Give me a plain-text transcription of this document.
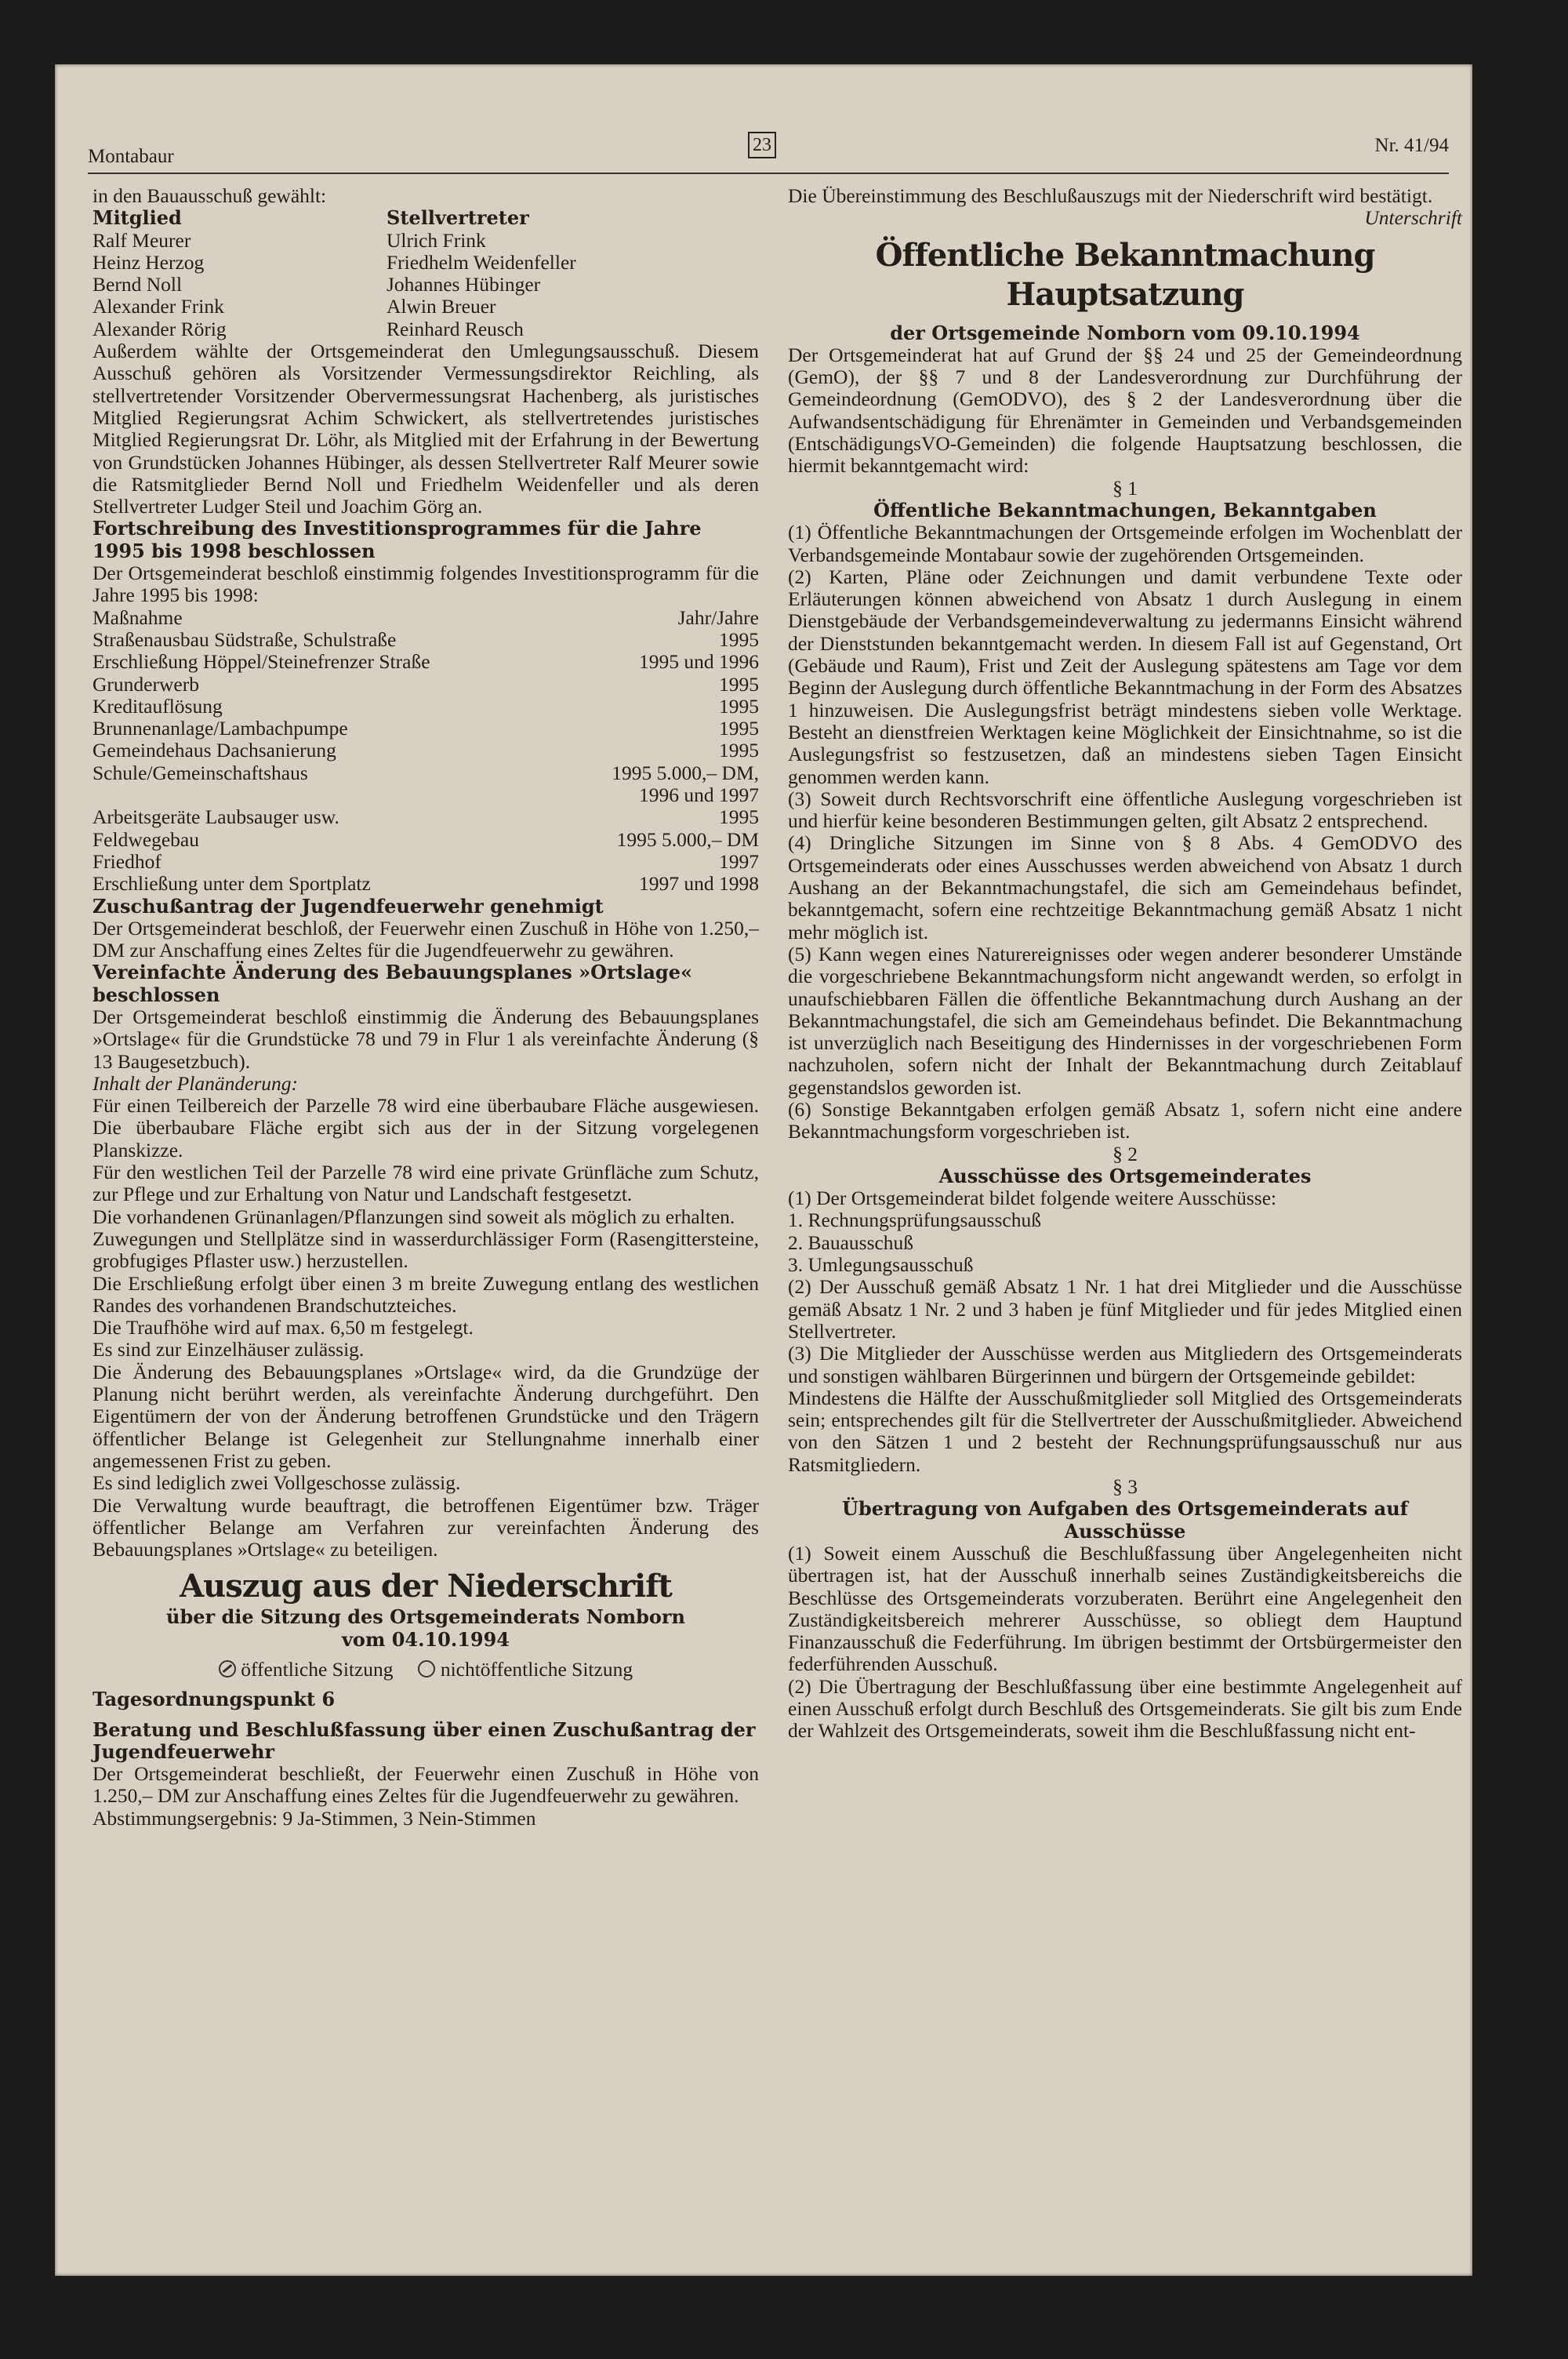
Montabaur
23	Nr. 41/94

in den Bauausschuß gewählt:

Mitglied	Stellvertreter
Ralf Meurer	Ulrich Frink
Heinz Herzog	Friedhelm Weidenfeller
Bernd Noll	Johannes Hübinger
Alexander Frink	Alwin Breuer
Alexander Rörig	Reinhard Reusch

Außerdem wählte der Ortsgemeinderat den Umlegungsausschuß. Diesem Ausschuß gehören als Vorsitzender Vermessungsdirektor Reichling, als stellvertretender Vorsitzender Obervermessungsrat Hachenberg, als juristisches Mitglied Regierungsrat Achim Schwickert, als stellvertretendes juristisches Mitglied Regierungsrat Dr. Löhr, als Mitglied mit der Erfahrung in der Bewertung von Grundstücken Johannes Hübinger, als dessen Stellvertreter Ralf Meurer sowie die Ratsmitglieder Bernd Noll und Friedhelm Weidenfeller und als deren Stellvertreter Ludger Steil und Joachim Görg an.

Fortschreibung des Investitionsprogrammes für die Jahre 1995 bis 1998 beschlossen

Der Ortsgemeinderat beschloß einstimmig folgendes Investitionsprogramm für die Jahre 1995 bis 1998:

Maßnahme	Jahr/Jahre
Straßenausbau Südstraße, Schulstraße	1995
Erschließung Höppel/Steinefrenzer Straße	1995 und 1996
Grunderwerb	1995
Kreditauflösung	1995
Brunnenanlage/Lambachpumpe	1995
Gemeindehaus Dachsanierung	1995
Schule/Gemeinschaftshaus	1995 5.000,– DM,
1996 und 1997
Arbeitsgeräte Laubsauger usw.	1995
Feldwegebau	1995 5.000,– DM
Friedhof	1997
Erschließung unter dem Sportplatz	1997 und 1998

Zuschußantrag der Jugendfeuerwehr genehmigt

Der Ortsgemeinderat beschloß, der Feuerwehr einen Zuschuß in Höhe von 1.250,– DM zur Anschaffung eines Zeltes für die Jugendfeuerwehr zu gewähren.

Vereinfachte Änderung des Bebauungsplanes »Ortslage« beschlossen

Der Ortsgemeinderat beschloß einstimmig die Änderung des Bebauungsplanes »Ortslage« für die Grundstücke 78 und 79 in Flur 1 als vereinfachte Änderung (§ 13 Baugesetzbuch).

Inhalt der Planänderung:

Für einen Teilbereich der Parzelle 78 wird eine überbaubare Fläche ausgewiesen. Die überbaubare Fläche ergibt sich aus der in der Sitzung vorgelegenen Planskizze.

Für den westlichen Teil der Parzelle 78 wird eine private Grünfläche zum Schutz, zur Pflege und zur Erhaltung von Natur und Landschaft festgesetzt.

Die vorhandenen Grünanlagen/Pflanzungen sind soweit als möglich zu erhalten.

Zuwegungen und Stellplätze sind in wasserdurchlässiger Form (Rasengittersteine, grobfugiges Pflaster usw.) herzustellen.

Die Erschließung erfolgt über einen 3 m breite Zuwegung entlang des westlichen Randes des vorhandenen Brandschutzteiches.

Die Traufhöhe wird auf max. 6,50 m festgelegt.

Es sind zur Einzelhäuser zulässig.

Die Änderung des Bebauungsplanes »Ortslage« wird, da die Grundzüge der Planung nicht berührt werden, als vereinfachte Änderung durchgeführt. Den Eigentümern der von der Änderung betroffenen Grundstücke und den Trägern öffentlicher Belange ist Gelegenheit zur Stellungnahme innerhalb einer angemessenen Frist zu geben.

Es sind lediglich zwei Vollgeschosse zulässig.

Die Verwaltung wurde beauftragt, die betroffenen Eigentümer bzw. Träger öffentlicher Belange am Verfahren zur vereinfachten Änderung des Bebauungsplanes »Ortslage« zu beteiligen.

Auszug aus der Niederschrift

über die Sitzung des Ortsgemeinderats Nomborn

vom 04.10.1994

öffentliche Sitzung nichtöffentliche Sitzung

Tagesordnungspunkt 6

Beratung und Beschlußfassung über einen Zuschußantrag der Jugendfeuerwehr

Der Ortsgemeinderat beschließt, der Feuerwehr einen Zuschuß in Höhe von 1.250,– DM zur Anschaffung eines Zeltes für die Jugendfeuerwehr zu gewähren.

Abstimmungsergebnis: 9 Ja-Stimmen, 3 Nein-Stimmen

Die Übereinstimmung des Beschlußauszugs mit der Niederschrift wird bestätigt.

Unterschrift

Öffentliche Bekanntmachung

Hauptsatzung

der Ortsgemeinde Nomborn vom 09.10.1994

Der Ortsgemeinderat hat auf Grund der §§ 24 und 25 der Gemeindeordnung (GemO), der §§ 7 und 8 der Landesverordnung zur Durchführung der Gemeindeordnung (GemODVO), des § 2 der Landesverordnung über die Aufwandsentschädigung für Ehrenämter in Gemeinden und Verbandsgemeinden (EntschädigungsVO-Gemeinden) die folgende Hauptsatzung beschlossen, die hiermit bekanntgemacht wird:

§ 1

Öffentliche Bekanntmachungen, Bekanntgaben

(1) Öffentliche Bekanntmachungen der Ortsgemeinde erfolgen im Wochenblatt der Verbandsgemeinde Montabaur sowie der zugehörenden Ortsgemeinden.

(2) Karten, Pläne oder Zeichnungen und damit verbundene Texte oder Erläuterungen können abweichend von Absatz 1 durch Auslegung in einem Dienstgebäude der Verbandsgemeindeverwaltung zu jedermanns Einsicht während der Dienststunden bekanntgemacht werden. In diesem Fall ist auf Gegenstand, Ort (Gebäude und Raum), Frist und Zeit der Auslegung spätestens am Tage vor dem Beginn der Auslegung durch öffentliche Bekanntmachung in der Form des Absatzes 1 hinzuweisen. Die Auslegungsfrist beträgt mindestens sieben volle Werktage. Besteht an dienstfreien Werktagen keine Möglichkeit der Einsichtnahme, so ist die Auslegungsfrist so festzusetzen, daß an mindestens sieben Tagen Einsicht genommen werden kann.

(3) Soweit durch Rechtsvorschrift eine öffentliche Auslegung vorgeschrieben ist und hierfür keine besonderen Bestimmungen gelten, gilt Absatz 2 entsprechend.

(4) Dringliche Sitzungen im Sinne von § 8 Abs. 4 GemODVO des Ortsgemeinderats oder eines Ausschusses werden abweichend von Absatz 1 durch Aushang an der Bekanntmachungstafel, die sich am Gemeindehaus befindet, bekanntgemacht, sofern eine rechtzeitige Bekanntmachung gemäß Absatz 1 nicht mehr möglich ist.

(5) Kann wegen eines Naturereignisses oder wegen anderer besonderer Umstände die vorgeschriebene Bekanntmachungsform nicht angewandt werden, so erfolgt in unaufschiebbaren Fällen die öffentliche Bekanntmachung durch Aushang an der Bekanntmachungstafel, die sich am Gemeindehaus befindet. Die Bekanntmachung ist unverzüglich nach Beseitigung des Hindernisses in der vorgeschriebenen Form nachzuholen, sofern nicht der Inhalt der Bekanntmachung durch Zeitablauf gegenstandslos geworden ist.

(6) Sonstige Bekanntgaben erfolgen gemäß Absatz 1, sofern nicht eine andere Bekanntmachungsform vorgeschrieben ist.

§ 2

Ausschüsse des Ortsgemeinderates

(1) Der Ortsgemeinderat bildet folgende weitere Ausschüsse:

1. Rechnungsprüfungsausschuß

2. Bauausschuß

3. Umlegungsausschuß

(2) Der Ausschuß gemäß Absatz 1 Nr. 1 hat drei Mitglieder und die Ausschüsse gemäß Absatz 1 Nr. 2 und 3 haben je fünf Mitglieder und für jedes Mitglied einen Stellvertreter.

(3) Die Mitglieder der Ausschüsse werden aus Mitgliedern des Ortsgemeinderats und sonstigen wählbaren Bürgerinnen und bürgern der Ortsgemeinde gebildet:

Mindestens die Hälfte der Ausschußmitglieder soll Mitglied des Ortsgemeinderats sein; entsprechendes gilt für die Stellvertreter der Ausschußmitglieder. Abweichend von den Sätzen 1 und 2 besteht der Rechnungsprüfungsausschuß nur aus Ratsmitgliedern.

§ 3

Übertragung von Aufgaben des Ortsgemeinderats auf Ausschüsse

(1) Soweit einem Ausschuß die Beschlußfassung über Angelegenheiten nicht übertragen ist, hat der Ausschuß innerhalb seines Zuständigkeitsbereichs die Beschlüsse des Ortsgemeinderats vorzuberaten. Berührt eine Angelegenheit den Zuständigkeitsbereich mehrerer Ausschüsse, so obliegt dem Hauptund Finanzausschuß die Federführung. Im übrigen bestimmt der Ortsbürgermeister den federführenden Ausschuß.

(2) Die Übertragung der Beschlußfassung über eine bestimmte Angelegenheit auf einen Ausschuß erfolgt durch Beschluß des Ortsgemeinderats. Sie gilt bis zum Ende der Wahlzeit des Ortsgemeinderats, soweit ihm die Beschlußfassung nicht ent-
